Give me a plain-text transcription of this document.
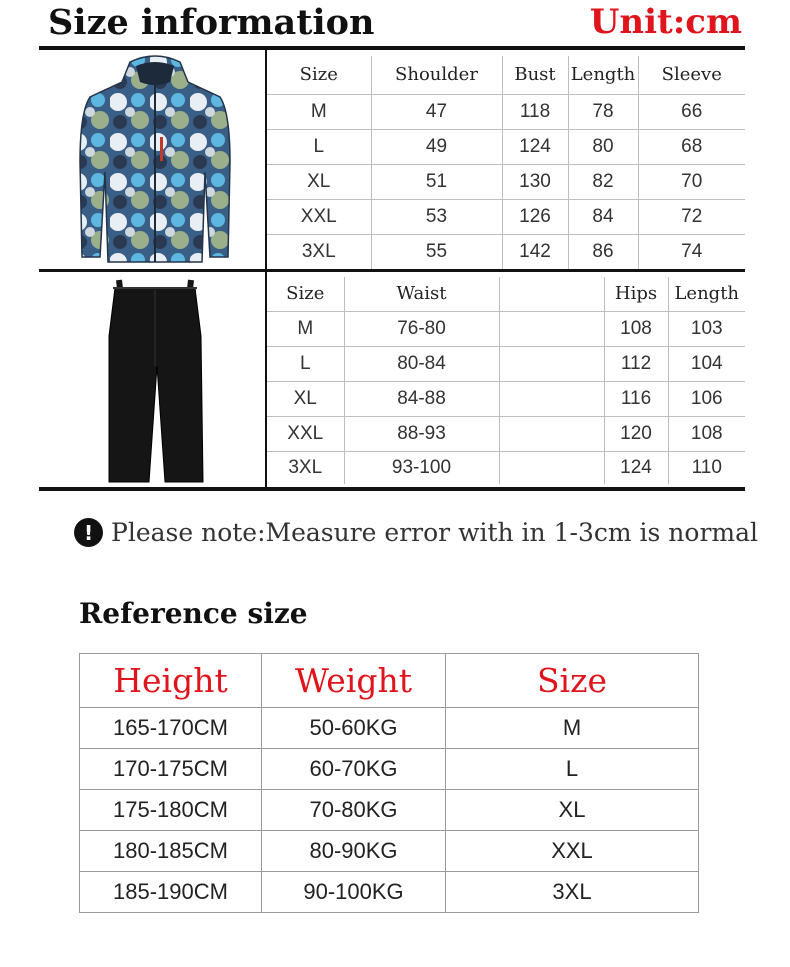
Size information	Unit:cm
Size	Shoulder	Bust	Length	Sleeve
M	47	118	78	66
L	49	124	80	68
XL	51	130	82	70
XXL	53	126	84	72
3XL	55	142	86	74
Size	Waist		Hips	Length
M	76-80		108	103
L	80-84		112	104
XL	84-88		116	106
XXL	88-93		120	108
3XL	93-100		124	110
! Please note:Measure error with in 1-3cm is normal
Reference size
Height	Weight	Size
165-170CM	50-60KG	M
170-175CM	60-70KG	L
175-180CM	70-80KG	XL
180-185CM	80-90KG	XXL
185-190CM	90-100KG	3XL
